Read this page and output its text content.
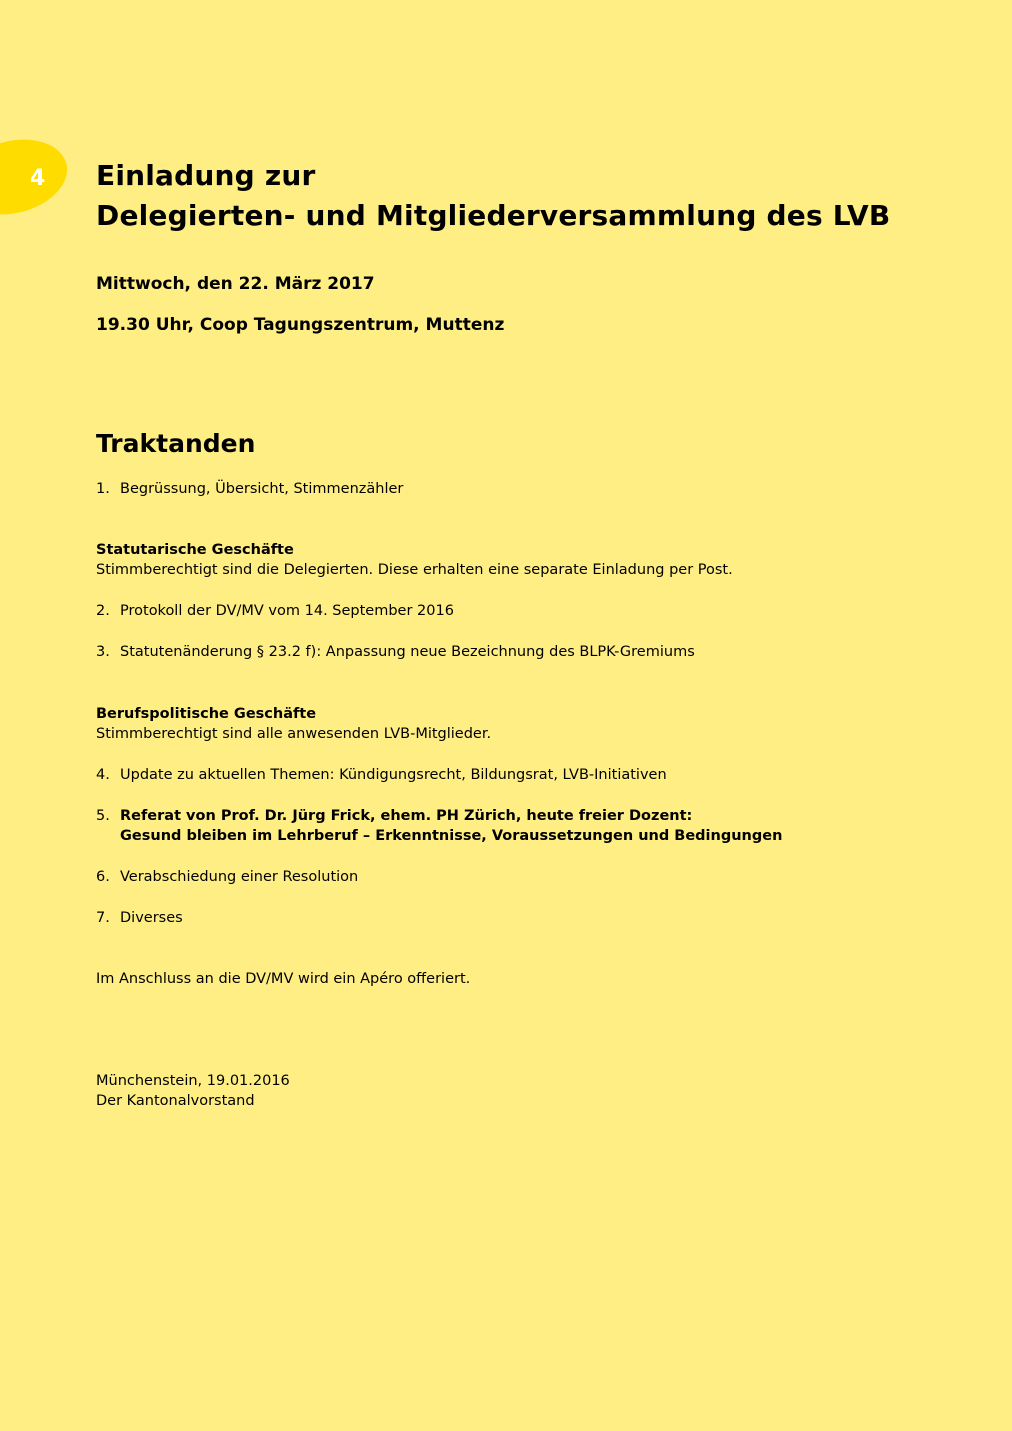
4 Einladung zur
Delegierten- und Mitgliederversammlung des LVB
Mittwoch, den 22. März 2017
19.30 Uhr, Coop Tagungszentrum, Muttenz
Traktanden
1. Begrüssung, Übersicht, Stimmenzähler
Statutarische Geschäfte
Stimmberechtigt sind die Delegierten. Diese erhalten eine separate Einladung per Post.
2. Protokoll der DV/MV vom 14. September 2016
3. Statutenänderung § 23.2 f): Anpassung neue Bezeichnung des BLPK-Gremiums
Berufspolitische Geschäfte
Stimmberechtigt sind alle anwesenden LVB-Mitglieder.
4. Update zu aktuellen Themen: Kündigungsrecht, Bildungsrat, LVB-Initiativen
5. Referat von Prof. Dr. Jürg Frick, ehem. PH Zürich, heute freier Dozent:
Gesund bleiben im Lehrberuf – Erkenntnisse, Voraussetzungen und Bedingungen
6. Verabschiedung einer Resolution
7. Diverses
Im Anschluss an die DV/MV wird ein Apéro offeriert.
Münchenstein, 19.01.2016
Der Kantonalvorstand
